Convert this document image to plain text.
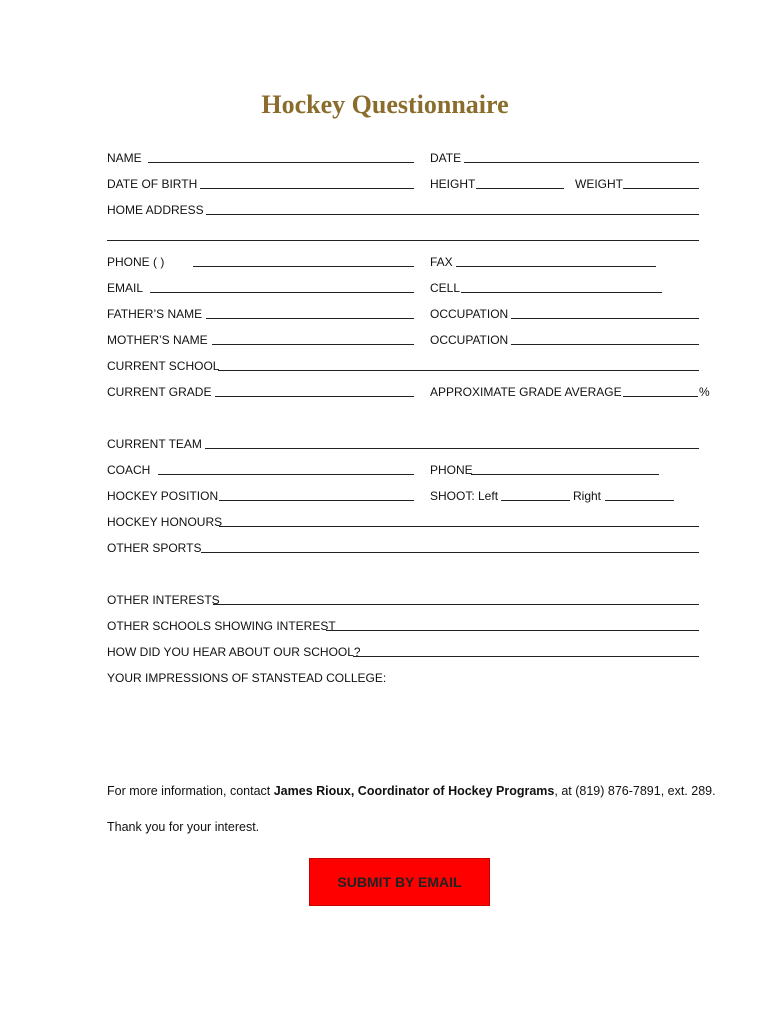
Hockey Questionnaire
NAME	DATE
DATE OF BIRTH	HEIGHT	WEIGHT
HOME ADDRESS
PHONE ( )	FAX
EMAIL	CELL
FATHER’S NAME	OCCUPATION
MOTHER’S NAME	OCCUPATION
CURRENT SCHOOL
CURRENT GRADE	APPROXIMATE GRADE AVERAGE	%
CURRENT TEAM
COACH	PHONE
HOCKEY POSITION	SHOOT: Left	Right
HOCKEY HONOURS
OTHER SPORTS
OTHER INTERESTS
OTHER SCHOOLS SHOWING INTEREST
HOW DID YOU HEAR ABOUT OUR SCHOOL?
YOUR IMPRESSIONS OF STANSTEAD COLLEGE:
For more information, contact James Rioux, Coordinator of Hockey Programs, at (819) 876-7891, ext. 289.
Thank you for your interest.
SUBMIT BY EMAIL
